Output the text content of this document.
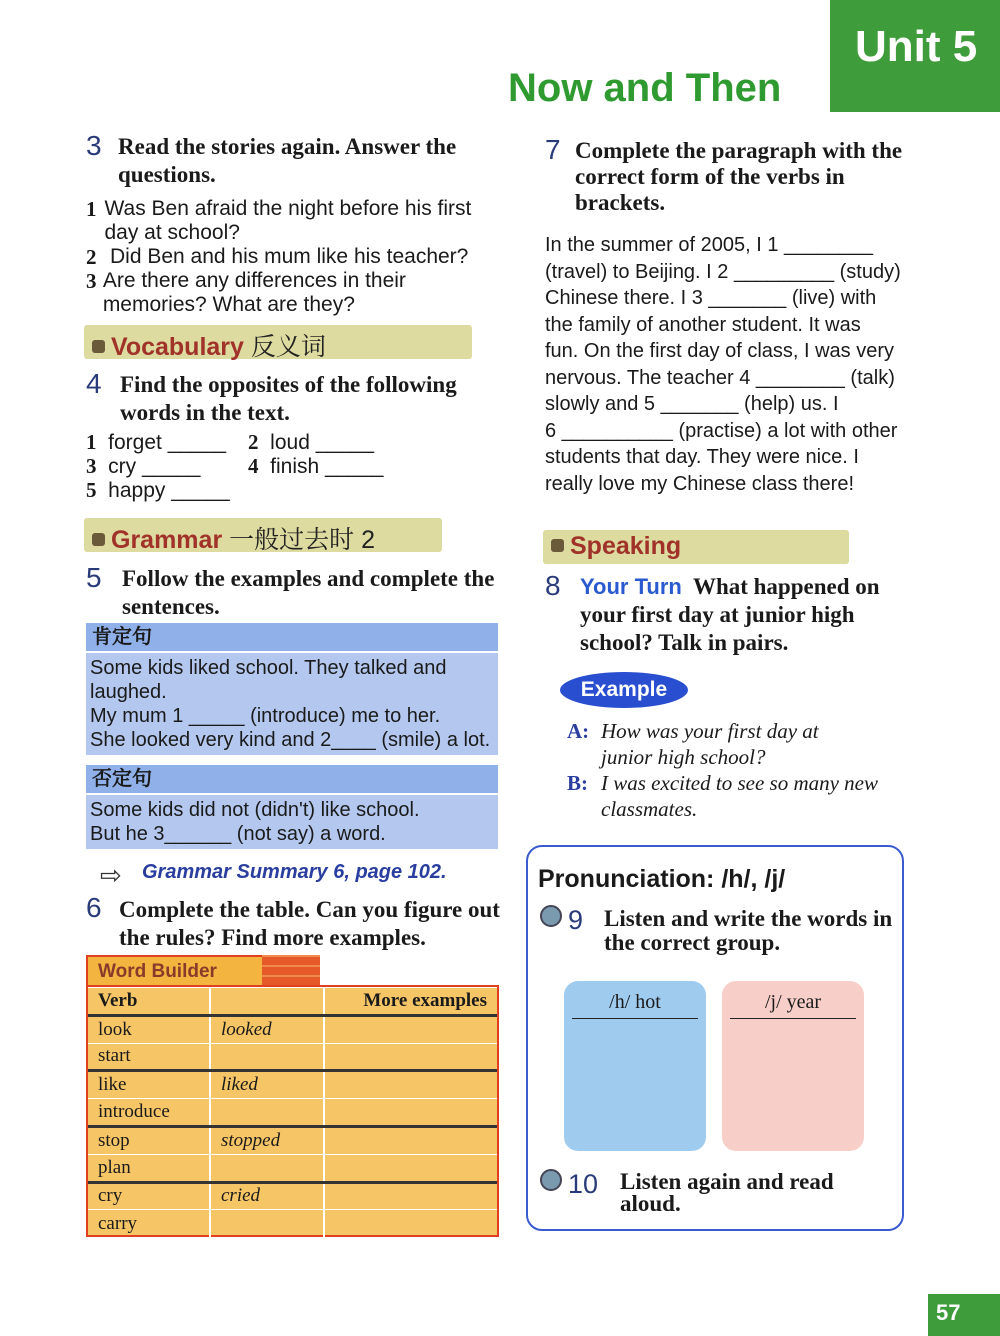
Unit 5
Now and Then
3 Read the stories again. Answer the questions.
1 Was Ben afraid the night before his first day at school?
2 Did Ben and his mum like his teacher?
3 Are there any differences in their memories? What are they?
Vocabulary 反义词
4 Find the opposites of the following words in the text.
1 forget _____ 2 loud _____
3 cry _____ 4 finish _____
5 happy _____
Grammar 一般过去时 2
5 Follow the examples and complete the sentences.
肯定句
Some kids liked school. They talked and laughed.
My mum 1 _____ (introduce) me to her.
She looked very kind and 2____ (smile) a lot.
否定句
Some kids did not (didn't) like school.
But he 3______ (not say) a word.
⇨ Grammar Summary 6, page 102.
6 Complete the table. Can you figure out the rules? Find more examples.
Word Builder
Verb		More examples
look	looked	
start		
like	liked	
introduce		
stop	stopped	
plan		
cry	cried	
carry		
7 Complete the paragraph with the correct form of the verbs in brackets.
In the summer of 2005, I 1 ________
(travel) to Beijing. I 2 _________ (study)
Chinese there. I 3 _______ (live) with
the family of another student. It was
fun. On the first day of class, I was very
nervous. The teacher 4 ________ (talk)
slowly and 5 _______ (help) us. I
6 __________ (practise) a lot with other
students that day. They were nice. I
really love my Chinese class there!
Speaking
8 Your Turn What happened on your first day at junior high school? Talk in pairs.
Example
A: How was your first day at junior high school?
B: I was excited to see so many new classmates.
Pronunciation: /h/, /j/
9 Listen and write the words in the correct group.
/h/ hot	/j/ year
10 Listen again and read aloud.
57
